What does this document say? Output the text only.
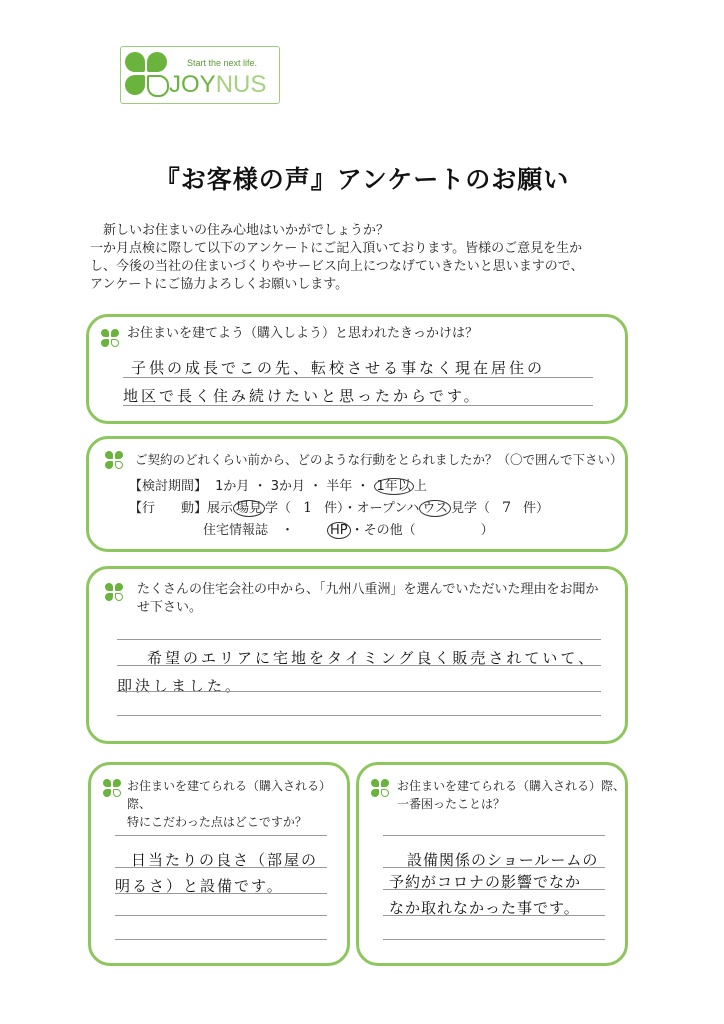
Start the next life.
JOYNUS
『お客様の声』アンケートのお願い

新しいお住まいの住み心地はいかがでしょうか？

一か月点検に際して以下のアンケートにご記入頂いております。皆様のご意見を生か

し、今後の当社の住まいづくりやサービス向上につなげていきたいと思いますので、

アンケートにご協力よろしくお願いします。

お住まいを建てよう（購入しよう）と思われたきっかけは？
子供の成長でこの先、転校させる事なく現在居住の
地区で長く住み続けたいと思ったからです。
ご契約のどれくらい前から、どのような行動をとられましたか？（〇で囲んで下さい）
【検討期間】 1か月 ・ 3か月 ・ 半年 ・ 1年以 上
【行　　動】展示 場見 学（ 1 件）・オープンハ ウス 見学（ 7 件）
住宅情報誌　・　HP ・その他（　　　　　）
たくさんの住宅会社の中から、「九州八重洲」を選んでいただいた理由をお聞か
せ下さい。
希望のエリアに宅地をタイミング良く販売されていて、
即決しました。
お住まいを建てられる（購入される）際、
特にこだわった点はどこですか？
日当たりの良さ（部屋の
明るさ）と設備です。
お住まいを建てられる（購入される）際、
一番困ったことは？
設備関係のショールームの
予約がコロナの影響でなか
なか取れなかった事です。
